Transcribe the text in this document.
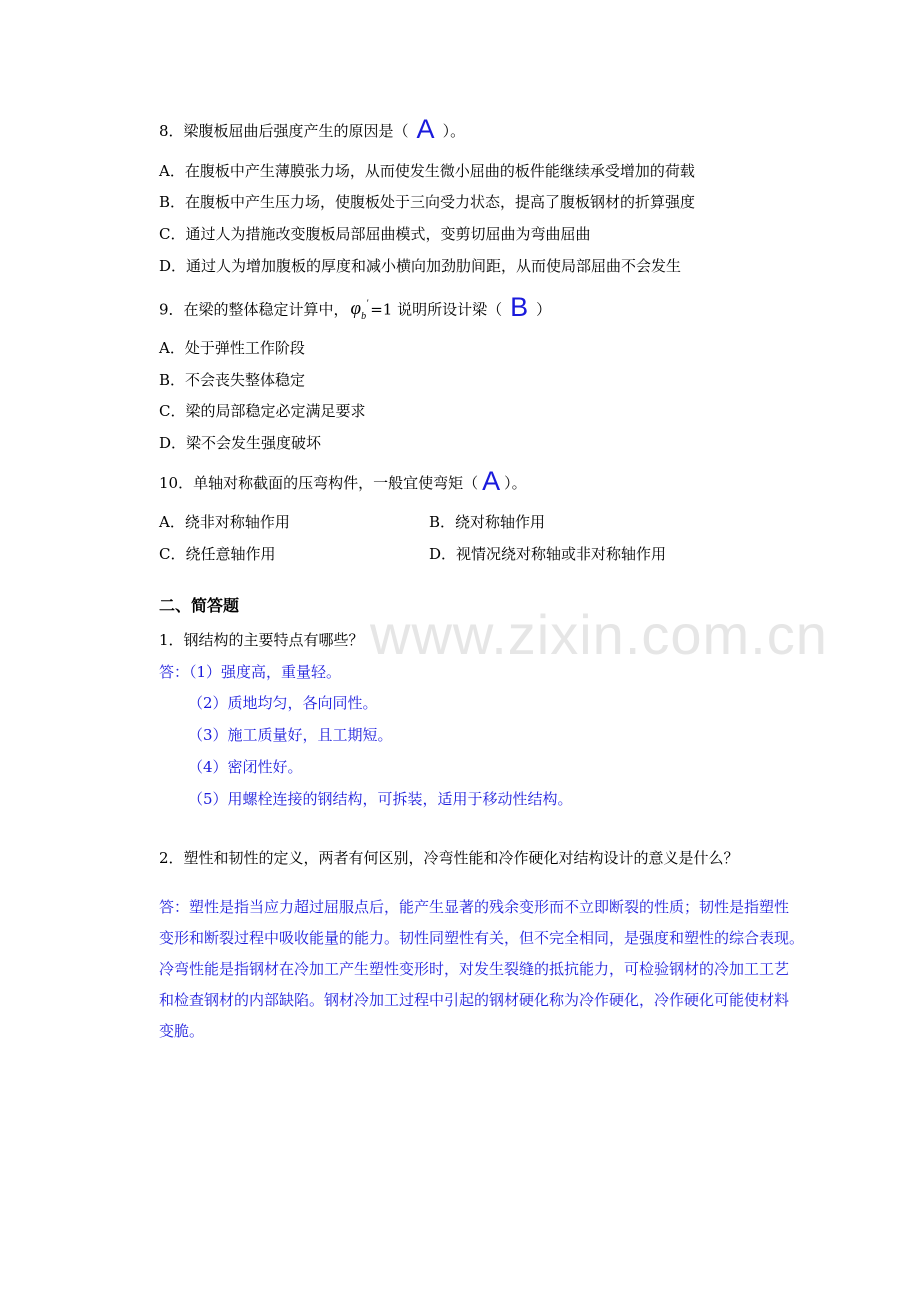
www.zixin.com.cn
8．梁腹板屈曲后强度产生的原因是（ A ）。
A．在腹板中产生薄膜张力场，从而使发生微小屈曲的板件能继续承受增加的荷载
B．在腹板中产生压力场，使腹板处于三向受力状态，提高了腹板钢材的折算强度
C．通过人为措施改变腹板局部屈曲模式，变剪切屈曲为弯曲屈曲
D．通过人为增加腹板的厚度和减小横向加劲肋间距，从而使局部屈曲不会发生
9．在梁的整体稳定计算中， $\varphi_b' =1$ 说明所设计梁（ B ）
A．处于弹性工作阶段
B．不会丧失整体稳定
C．梁的局部稳定必定满足要求
D．梁不会发生强度破坏
10．单轴对称截面的压弯构件，一般宜使弯矩（ A ）。
A．绕非对称轴作用	B．绕对称轴作用
C．绕任意轴作用	D．视情况绕对称轴或非对称轴作用
二、简答题
1．钢结构的主要特点有哪些？
答：（1）强度高，重量轻。
（2）质地均匀，各向同性。
（3）施工质量好，且工期短。
（4）密闭性好。
（5）用螺栓连接的钢结构，可拆装，适用于移动性结构。
2．塑性和韧性的定义，两者有何区别，冷弯性能和冷作硬化对结构设计的意义是什么？
答：塑性是指当应力超过屈服点后，能产生显著的残余变形而不立即断裂的性质；韧性是指塑性
变形和断裂过程中吸收能量的能力。韧性同塑性有关，但不完全相同，是强度和塑性的综合表现。
冷弯性能是指钢材在冷加工产生塑性变形时，对发生裂缝的抵抗能力，可检验钢材的冷加工工艺
和检查钢材的内部缺陷。钢材冷加工过程中引起的钢材硬化称为冷作硬化，冷作硬化可能使材料
变脆。
